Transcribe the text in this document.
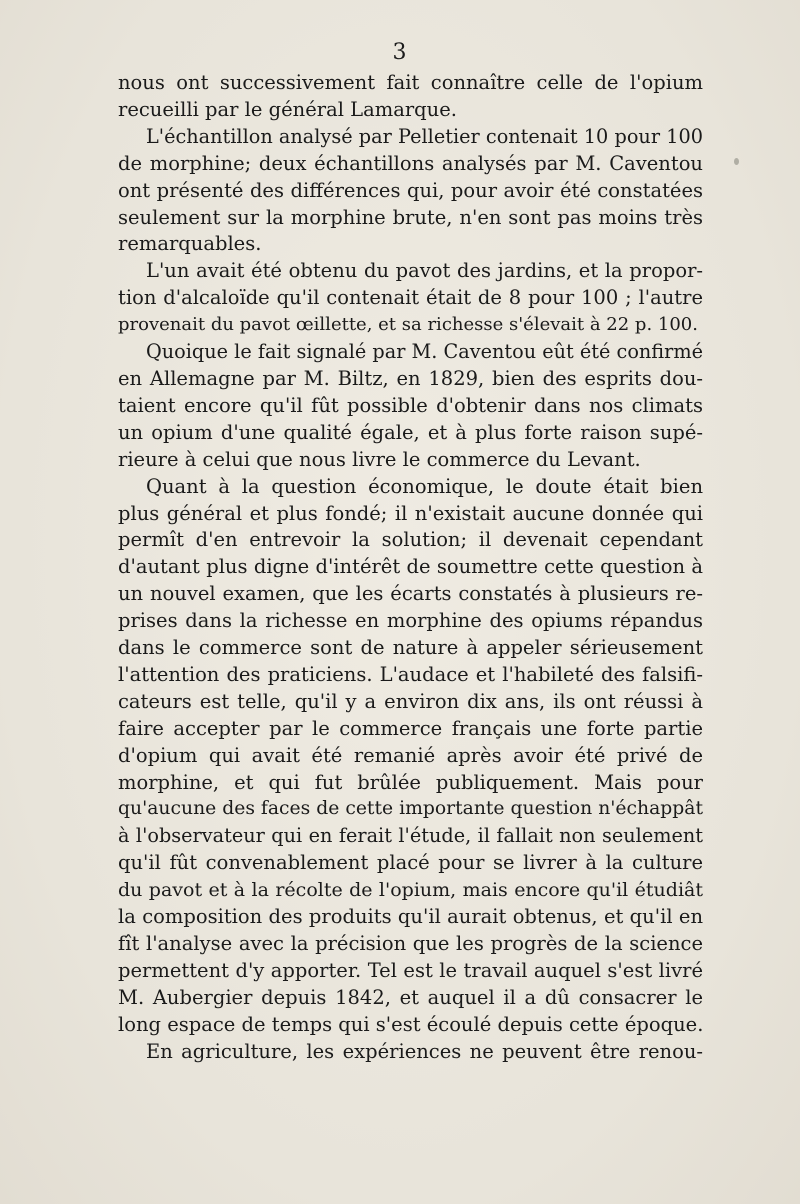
3
nous ont successivement fait connaître celle de l'opium
recueilli par le général Lamarque.
L'échantillon analysé par Pelletier contenait 10 pour 100
de morphine; deux échantillons analysés par M. Caventou
ont présenté des différences qui, pour avoir été constatées
seulement sur la morphine brute, n'en sont pas moins très
remarquables.
L'un avait été obtenu du pavot des jardins, et la propor-
tion d'alcaloïde qu'il contenait était de 8 pour 100 ; l'autre
provenait du pavot œillette, et sa richesse s'élevait à 22 p. 100.
Quoique le fait signalé par M. Caventou eût été confirmé
en Allemagne par M. Biltz, en 1829, bien des esprits dou-
taient encore qu'il fût possible d'obtenir dans nos climats
un opium d'une qualité égale, et à plus forte raison supé-
rieure à celui que nous livre le commerce du Levant.
Quant à la question économique, le doute était bien
plus général et plus fondé; il n'existait aucune donnée qui
permît d'en entrevoir la solution; il devenait cependant
d'autant plus digne d'intérêt de soumettre cette question à
un nouvel examen, que les écarts constatés à plusieurs re-
prises dans la richesse en morphine des opiums répandus
dans le commerce sont de nature à appeler sérieusement
l'attention des praticiens. L'audace et l'habileté des falsifi-
cateurs est telle, qu'il y a environ dix ans, ils ont réussi à
faire accepter par le commerce français une forte partie
d'opium qui avait été remanié après avoir été privé de
morphine, et qui fut brûlée publiquement. Mais pour
qu'aucune des faces de cette importante question n'échappât
à l'observateur qui en ferait l'étude, il fallait non seulement
qu'il fût convenablement placé pour se livrer à la culture
du pavot et à la récolte de l'opium, mais encore qu'il étudiât
la composition des produits qu'il aurait obtenus, et qu'il en
fît l'analyse avec la précision que les progrès de la science
permettent d'y apporter. Tel est le travail auquel s'est livré
M. Aubergier depuis 1842, et auquel il a dû consacrer le
long espace de temps qui s'est écoulé depuis cette époque.
En agriculture, les expériences ne peuvent être renou-
